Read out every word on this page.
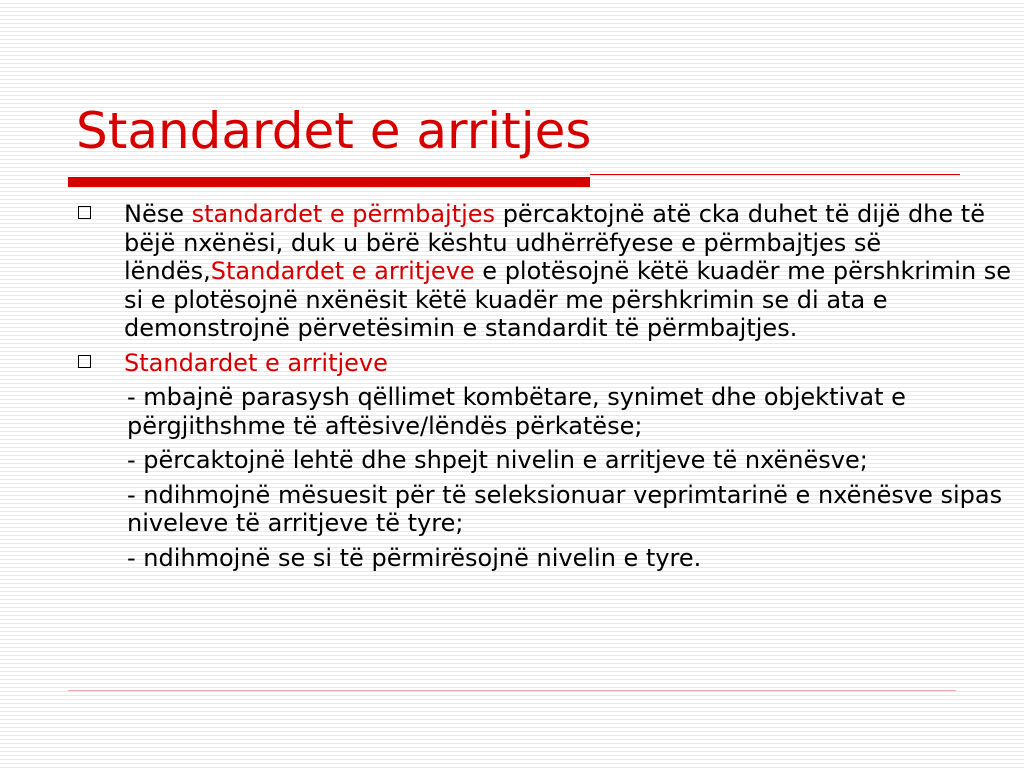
Standardet e arritjes
Nëse standardet e përmbajtjes përcaktojnë atë cka duhet të dijë dhe të bëjë nxënësi, duk u bërë kështu udhërrëfyese e përmbajtjes së lëndës,Standardet e arritjeve e plotësojnë këtë kuadër me përshkrimin se si e plotësojnë nxënësit këtë kuadër me përshkrimin se di ata e demonstrojnë përvetësimin e standardit të përmbajtjes.
Standardet e arritjeve
- mbajnë parasysh qëllimet kombëtare, synimet dhe objektivat e përgjithshme të aftësive/lëndës përkatëse;
- përcaktojnë lehtë dhe shpejt nivelin e arritjeve të nxënësve;
- ndihmojnë mësuesit për të seleksionuar veprimtarinë e nxënësve sipas niveleve të arritjeve të tyre;
- ndihmojnë se si të përmirësojnë nivelin e tyre.
